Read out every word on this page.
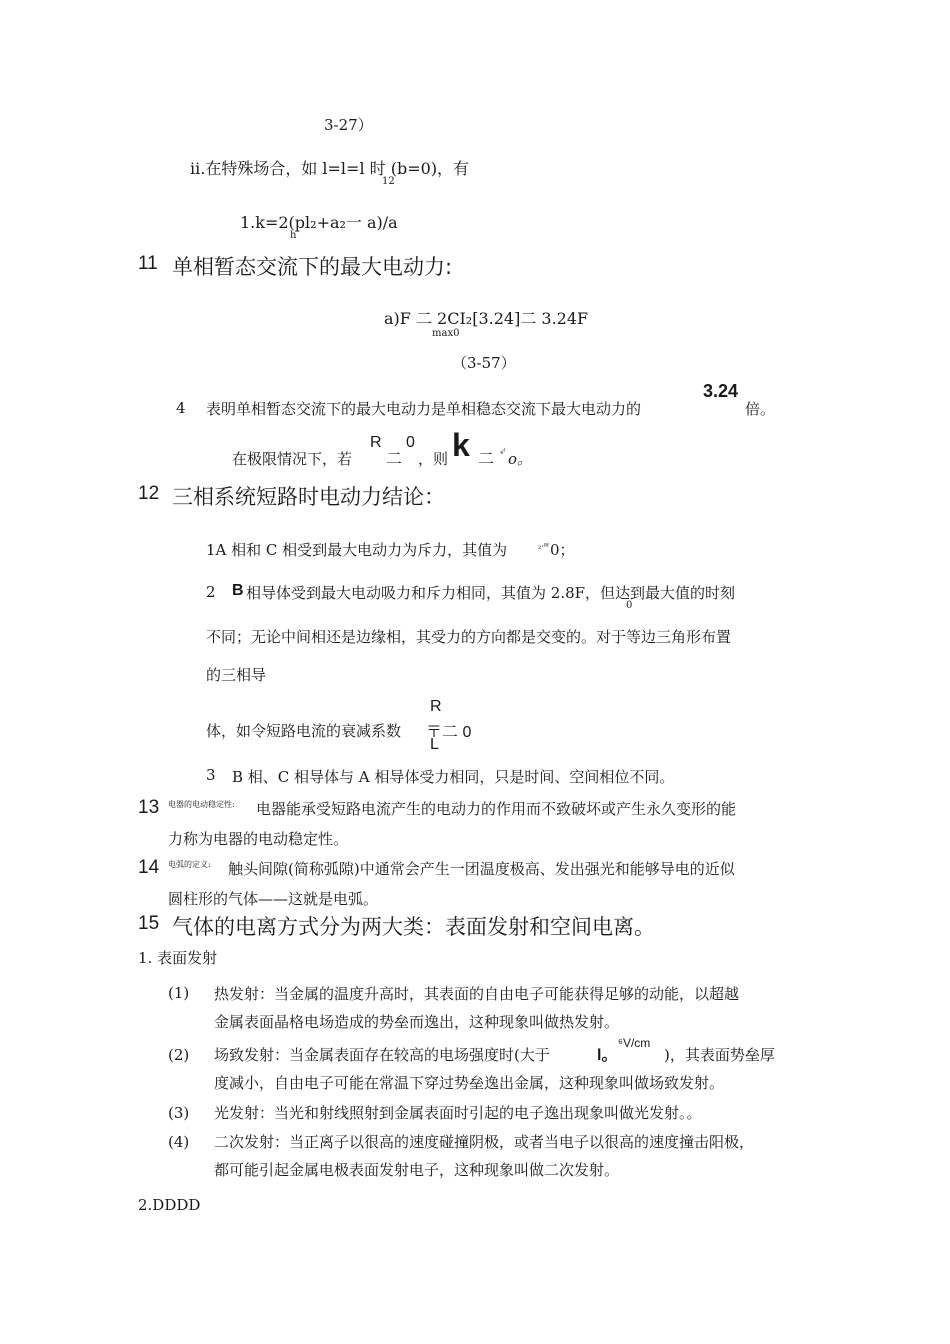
3-27）
ⅱ.在特殊场合，如 l=l=l 时 (b=0)，有
12
1.k=2(pl₂+a₂一 a)/a
h
11 单相暂态交流下的最大电动力:
a)F 二 2CI₂[3.24]二 3.24F
max0
（3-57）
4 表明单相暂态交流下的最大电动力是单相稳态交流下最大电动力的
3.24
倍。
在极限情况下，若
R
二
0
，则 k 二 ₄ᶠ o。
12 三相系统短路时电动力结论：
1A 相和 C 相受到最大电动力为斥力，其值为	₂·⁸ᶠ 0；
2 B 相导体受到最大电动吸力和斥力相同，其值为 2.8F，但达到最大值的时刻
0
不同；无论中间相还是边缘相，其受力的方向都是交变的。对于等边三角形布置
的三相导
体，如令短路电流的衰减系数
R
〒二 0
L
3 B 相、C 相导体与 A 相导体受力相同，只是时间、空间相位不同。
13 电器的电动稳定性: 电器能承受短路电流产生的电动力的作用而不致破坏或产生永久变形的能
力称为电器的电动稳定性。
14 电弧的定义: 触头间隙(简称弧隙)中通常会产生一团温度极高、发出强光和能够导电的近似
圆柱形的气体——这就是电弧。
15 气体的电离方式分为两大类：表面发射和空间电离。
1. 表面发射
(1) 热发射：当金属的温度升高时，其表面的自由电子可能获得足够的动能，以超越
金属表面晶格电场造成的势垒而逸出，这种现象叫做热发射。
(2) 场致发射：当金属表面存在较高的电场强度时(大于	l。
⁶V/cm
)，其表面势垒厚
度减小，自由电子可能在常温下穿过势垒逸出金属，这种现象叫做场致发射。
(3) 光发射：当光和射线照射到金属表面时引起的电子逸出现象叫做光发射。。
(4) 二次发射：当正离子以很高的速度碰撞阴极，或者当电子以很高的速度撞击阳极，
都可能引起金属电极表面发射电子，这种现象叫做二次发射。
2.DDDD
